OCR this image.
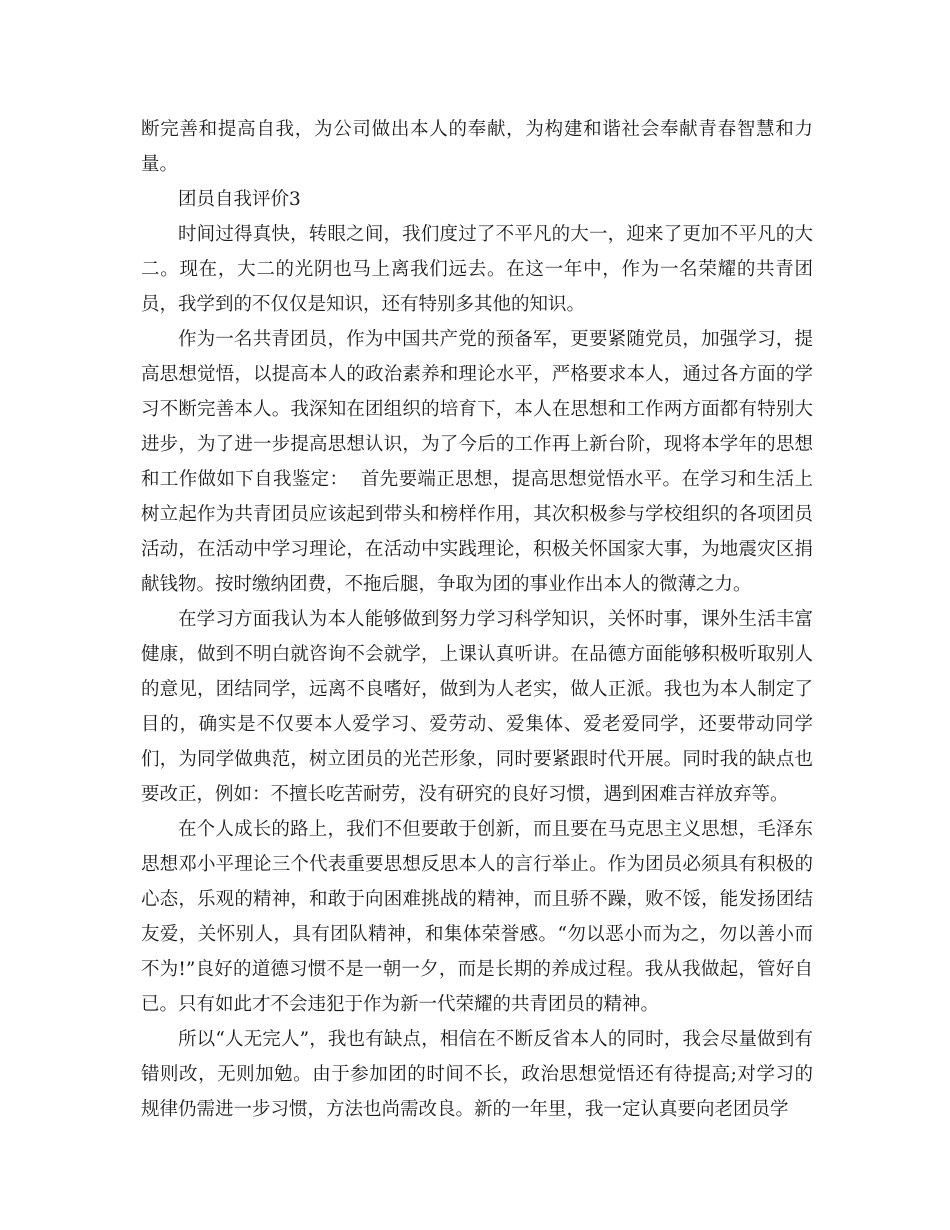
断完善和提高自我，为公司做出本人的奉献，为构建和谐社会奉献青春智慧和力量。

团员自我评价3

时间过得真快，转眼之间，我们度过了不平凡的大一，迎来了更加不平凡的大二。现在，大二的光阴也马上离我们远去。在这一年中，作为一名荣耀的共青团员，我学到的不仅仅是知识，还有特别多其他的知识。

作为一名共青团员，作为中国共产党的预备军，更要紧随党员，加强学习，提高思想觉悟，以提高本人的政治素养和理论水平，严格要求本人，通过各方面的学习不断完善本人。我深知在团组织的培育下，本人在思想和工作两方面都有特别大进步，为了进一步提高思想认识，为了今后的工作再上新台阶，现将本学年的思想和工作做如下自我鉴定：  首先要端正思想，提高思想觉悟水平。在学习和生活上树立起作为共青团员应该起到带头和榜样作用，其次积极参与学校组织的各项团员活动，在活动中学习理论，在活动中实践理论，积极关怀国家大事，为地震灾区捐献钱物。按时缴纳团费，不拖后腿，争取为团的事业作出本人的微薄之力。

在学习方面我认为本人能够做到努力学习科学知识，关怀时事，课外生活丰富健康，做到不明白就咨询不会就学，上课认真听讲。在品德方面能够积极听取别人的意见，团结同学，远离不良嗜好，做到为人老实，做人正派。我也为本人制定了目的，确实是不仅要本人爱学习、爱劳动、爱集体、爱老爱同学，还要带动同学们，为同学做典范，树立团员的光芒形象，同时要紧跟时代开展。同时我的缺点也要改正，例如：不擅长吃苦耐劳，没有研究的良好习惯，遇到困难吉祥放弃等。

在个人成长的路上，我们不但要敢于创新，而且要在马克思主义思想，毛泽东思想邓小平理论三个代表重要思想反思本人的言行举止。作为团员必须具有积极的心态，乐观的精神，和敢于向困难挑战的精神，而且骄不躁，败不馁，能发扬团结友爱，关怀别人，具有团队精神，和集体荣誉感。“勿以恶小而为之，勿以善小而不为!”良好的道德习惯不是一朝一夕，而是长期的养成过程。我从我做起，管好自已。只有如此才不会违犯于作为新一代荣耀的共青团员的精神。

所以“人无完人”，我也有缺点，相信在不断反省本人的同时，我会尽量做到有错则改，无则加勉。由于参加团的时间不长，政治思想觉悟还有待提高;对学习的规律仍需进一步习惯，方法也尚需改良。新的一年里，我一定认真要向老团员学
